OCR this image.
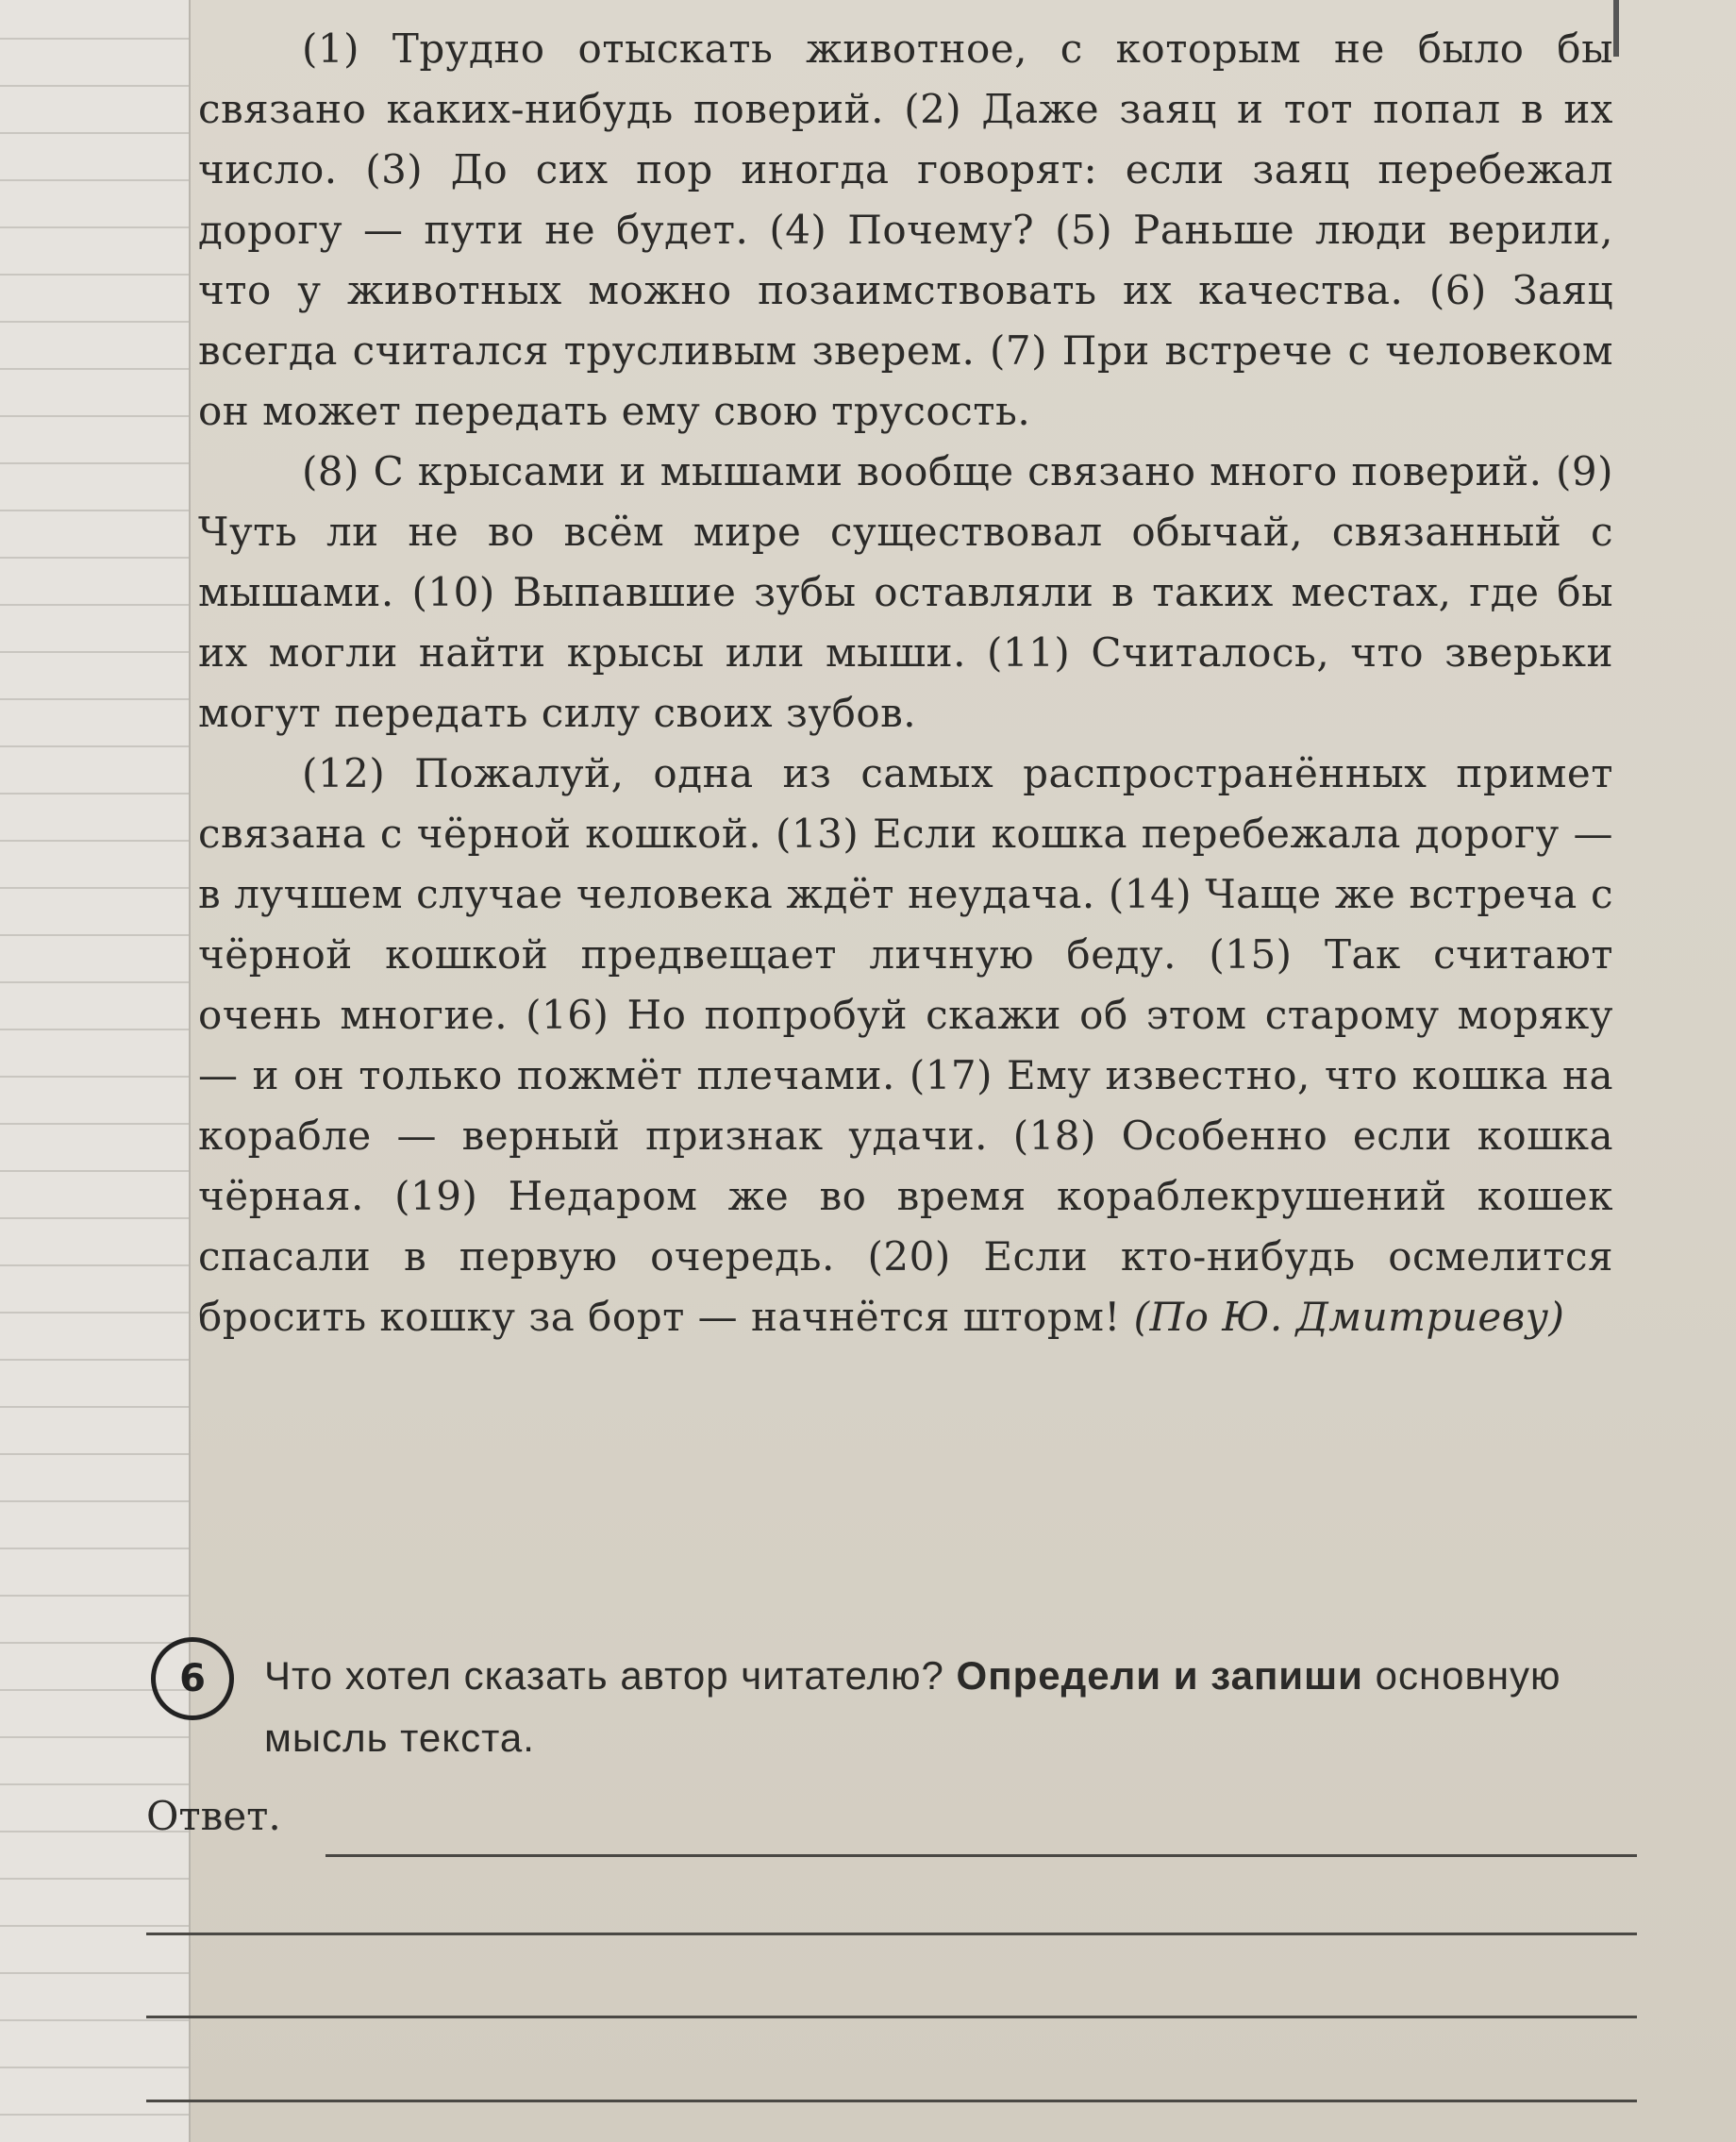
(1) Трудно отыскать животное, с которым не было бы связано каких-нибудь поверий. (2) Даже заяц и тот попал в их число. (3) До сих пор иногда говорят: если заяц перебежал дорогу — пути не будет. (4) Почему? (5) Раньше люди верили, что у животных можно позаимствовать их качества. (6) Заяц всегда считался трусливым зверем. (7) При встрече с человеком он может передать ему свою трусость.

(8) С крысами и мышами вообще связано много поверий. (9) Чуть ли не во всём мире существовал обычай, связанный с мышами. (10) Выпавшие зубы оставляли в таких местах, где бы их могли найти крысы или мыши. (11) Считалось, что зверьки могут передать силу своих зубов.

(12) Пожалуй, одна из самых распространённых примет связана с чёрной кошкой. (13) Если кошка перебежала дорогу — в лучшем случае человека ждёт неудача. (14) Чаще же встреча с чёрной кошкой предвещает личную беду. (15) Так считают очень многие. (16) Но попробуй скажи об этом старому моряку — и он только пожмёт плечами. (17) Ему известно, что кошка на корабле — верный признак удачи. (18) Особенно если кошка чёрная. (19) Недаром же во время кораблекрушений кошек спасали в первую очередь. (20) Если кто-нибудь осмелится бросить кошку за борт — начнётся шторм! (По Ю. Дмитриеву)

6	Что хотел сказать автор читателю? Определи и запиши основную мысль текста.
Ответ.
